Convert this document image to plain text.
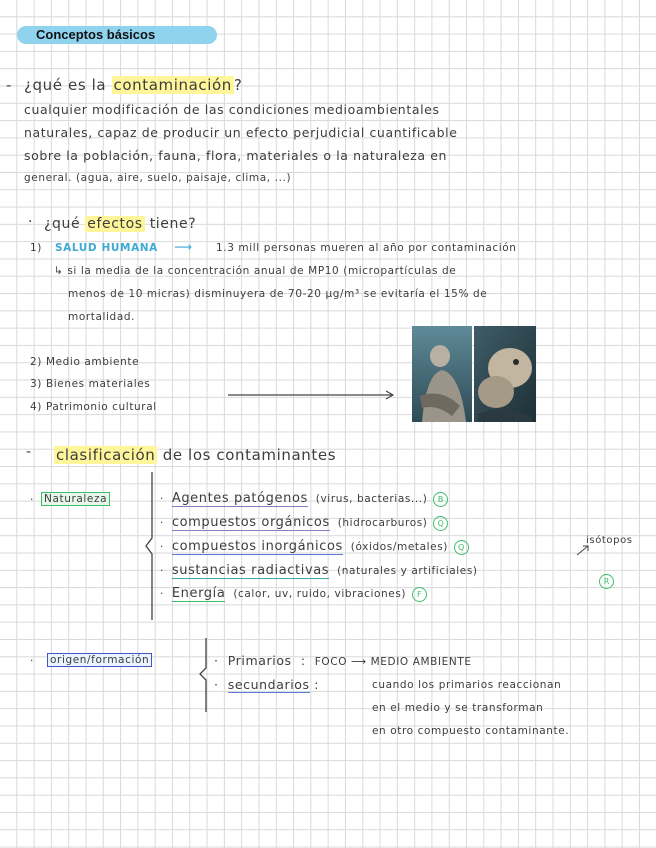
Conceptos básicos
- ¿qué es la contaminación ?
cualquier modificación de las condiciones medioambientales
naturales, capaz de producir un efecto perjudicial cuantificable
sobre la población, fauna, flora, materiales o la naturaleza en
general. (agua, aire, suelo, paisaje, clima, ...)
· ¿qué efectos tiene?
1) SALUD HUMANA ⟶ 1.3 mill personas mueren al año por contaminación
↳ si la media de la concentración anual de MP10 (micropartículas de
menos de 10 micras) disminuyera de 70-20 µg/m³ se evitaría el 15% de
mortalidad.
2) Medio ambiente
3) Bienes materiales
4) Patrimonio cultural
- clasificación de los contaminantes
· Naturaleza	·  Agentes patógenos (virus, bacterias...) B
·  compuestos orgánicos (hidrocarburos) Q
·  compuestos inorgánicos (óxidos/metales) Q
·  sustancias radiactivas (naturales y artificiales)
R
·  Energía (calor, uv, ruido, vibraciones) F
isótopos
· origen/formación	·  Primarios  :  FOCO ⟶ MEDIO AMBIENTE
·  secundarios :	cuando los primarios reaccionan
en el medio y se transforman
en otro compuesto contaminante.
